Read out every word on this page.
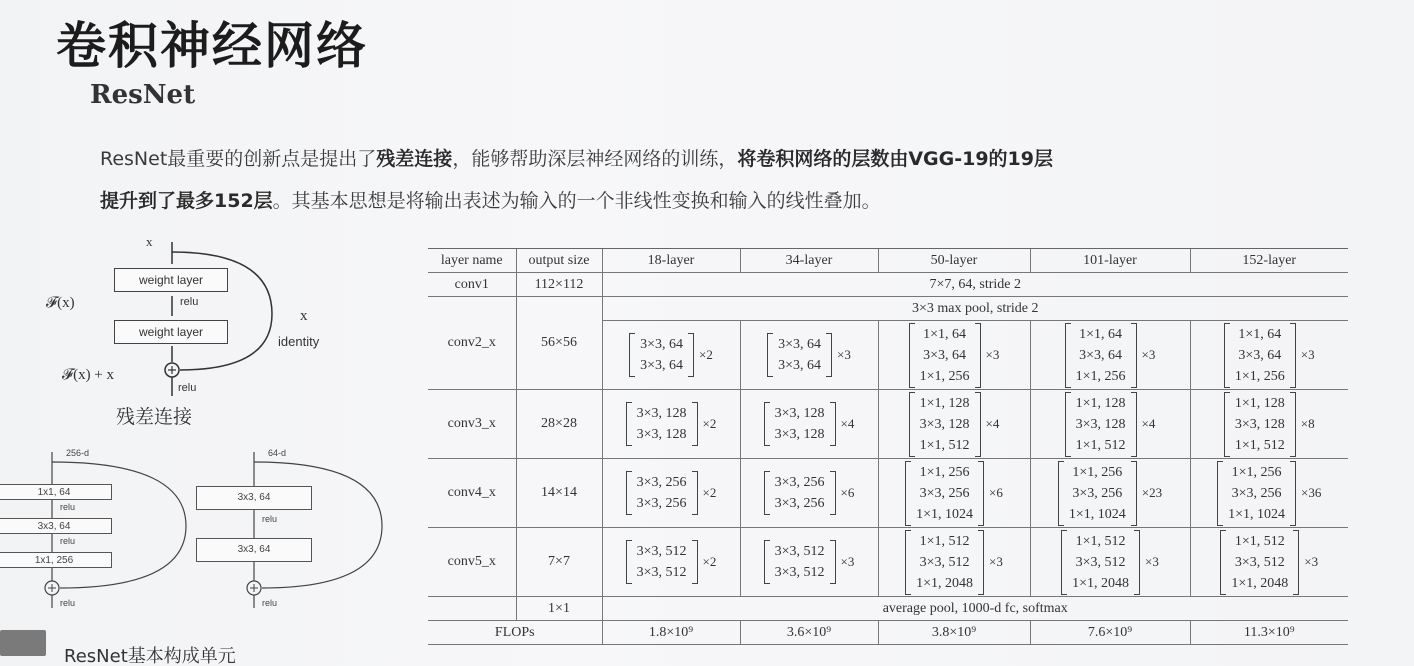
卷积神经网络
ResNet
ResNet最重要的创新点是提出了残差连接，能够帮助深层神经网络的训练，将卷积网络的层数由VGG-19的19层
提升到了最多152层。其基本思想是将输出表述为输入的一个非线性变换和输入的线性叠加。
x
weight layer
relu
weight layer
𝓕(x)
𝓕(x) + x
relu
x
identity
残差连接
256-d
1x1, 64
relu
3x3, 64
relu
1x1, 256
relu
64-d
3x3, 64
relu
3x3, 64
relu
ResNet基本构成单元
layer name	output size	18-layer	34-layer	50-layer	101-layer	152-layer
conv1	112×112	7×7, 64, stride 2				
conv2_x	56×56	3×3 max pool, stride 2				

		3×3, 64
3×3, 64
×2	3×3, 64
3×3, 64
×3	1×1, 64
3×3, 64
1×1, 256
×3	1×1, 64
3×3, 64
1×1, 256
×3	1×1, 64
3×3, 64
1×1, 256
×3

conv3_x	28×28	3×3, 128
3×3, 128
×2	3×3, 128
3×3, 128
×4	1×1, 128
3×3, 128
1×1, 512
×4	1×1, 128
3×3, 128
1×1, 512
×4	1×1, 128
3×3, 128
1×1, 512
×8

conv4_x	14×14	3×3, 256
3×3, 256
×2	3×3, 256
3×3, 256
×6	1×1, 256
3×3, 256
1×1, 1024
×6	1×1, 256
3×3, 256
1×1, 1024
×23	1×1, 256
3×3, 256
1×1, 1024
×36

conv5_x	7×7	3×3, 512
3×3, 512
×2	3×3, 512
3×3, 512
×3	1×1, 512
3×3, 512
1×1, 2048
×3	1×1, 512
3×3, 512
1×1, 2048
×3	1×1, 512
3×3, 512
1×1, 2048
×3

	1×1	average pool, 1000-d fc, softmax				
FLOPs		1.8×10⁹	3.6×10⁹	3.8×10⁹	7.6×10⁹	11.3×10⁹
